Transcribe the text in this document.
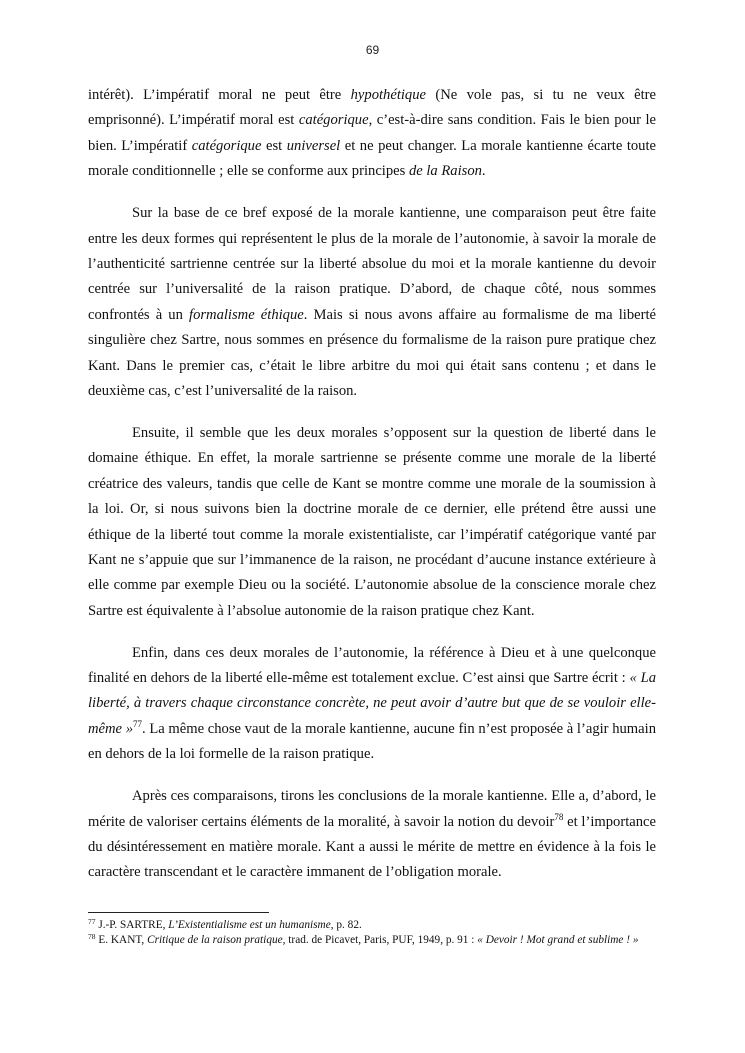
69

intérêt). L’impératif moral ne peut être hypothétique (Ne vole pas, si tu ne veux être emprisonné). L’impératif moral est catégorique, c’est-à-dire sans condition. Fais le bien pour le bien. L’impératif catégorique est universel et ne peut changer. La morale kantienne écarte toute morale conditionnelle ; elle se conforme aux principes de la Raison.

Sur la base de ce bref exposé de la morale kantienne, une comparaison peut être faite entre les deux formes qui représentent le plus de la morale de l’autonomie, à savoir la morale de l’authenticité sartrienne centrée sur la liberté absolue du moi et la morale kantienne du devoir centrée sur l’universalité de la raison pratique. D’abord, de chaque côté, nous sommes confrontés à un formalisme éthique. Mais si nous avons affaire au formalisme de ma liberté singulière chez Sartre, nous sommes en présence du formalisme de la raison pure pratique chez Kant. Dans le premier cas, c’était le libre arbitre du moi qui était sans contenu ; et dans le deuxième cas, c’est l’universalité de la raison.

Ensuite, il semble que les deux morales s’opposent sur la question de liberté dans le domaine éthique. En effet, la morale sartrienne se présente comme une morale de la liberté créatrice des valeurs, tandis que celle de Kant se montre comme une morale de la soumission à la loi. Or, si nous suivons bien la doctrine morale de ce dernier, elle prétend être aussi une éthique de la liberté tout comme la morale existentialiste, car l’impératif catégorique vanté par Kant ne s’appuie que sur l’immanence de la raison, ne procédant d’aucune instance extérieure à elle comme par exemple Dieu ou la société. L’autonomie absolue de la conscience morale chez Sartre est équivalente à l’absolue autonomie de la raison pratique chez Kant.

Enfin, dans ces deux morales de l’autonomie, la référence à Dieu et à une quelconque finalité en dehors de la liberté elle-même est totalement exclue. C’est ainsi que Sartre écrit : « La liberté, à travers chaque circonstance concrète, ne peut avoir d’autre but que de se vouloir elle-même »$^{77}$. La même chose vaut de la morale kantienne, aucune fin n’est proposée à l’agir humain en dehors de la loi formelle de la raison pratique.

Après ces comparaisons, tirons les conclusions de la morale kantienne. Elle a, d’abord, le mérite de valoriser certains éléments de la moralité, à savoir la notion du devoir$^{78}$ et l’importance du désintéressement en matière morale. Kant a aussi le mérite de mettre en évidence à la fois le caractère transcendant et le caractère immanent de l’obligation morale.

$^{77}$ J.-P. SARTRE, L’Existentialisme est un humanisme, p. 82.

$^{78}$ E. KANT, Critique de la raison pratique, trad. de Picavet, Paris, PUF, 1949, p. 91 : « Devoir ! Mot grand et sublime ! »
